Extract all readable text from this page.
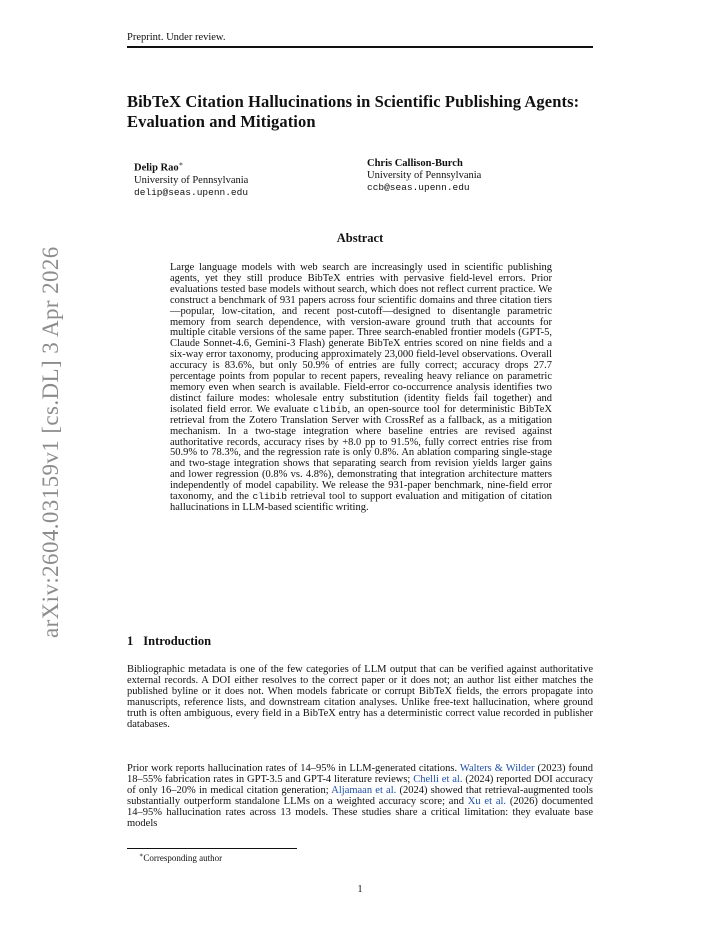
Preprint. Under review.
arXiv:2604.03159v1 [cs.DL] 3 Apr 2026
BibTeX Citation Hallucinations in Scientific Publishing Agents: Evaluation and Mitigation
Delip Rao∗
University of Pennsylvania
delip@seas.upenn.edu
Chris Callison-Burch
University of Pennsylvania
ccb@seas.upenn.edu
Abstract
Large language models with web search are increasingly used in scientific publishing agents, yet they still produce BibTeX entries with pervasive field-level errors. Prior evaluations tested base models without search, which does not reflect current practice. We construct a benchmark of 931 papers across four scientific domains and three citation tiers—popular, low-citation, and recent post-cutoff—designed to disentangle parametric memory from search dependence, with version-aware ground truth that accounts for multiple citable versions of the same paper. Three search-enabled frontier models (GPT-5, Claude Sonnet-4.6, Gemini-3 Flash) generate BibTeX entries scored on nine fields and a six-way error taxonomy, producing approximately 23,000 field-level observations. Overall accuracy is 83.6%, but only 50.9% of entries are fully correct; accuracy drops 27.7 percentage points from popular to recent papers, revealing heavy reliance on parametric memory even when search is available. Field-error co-occurrence analysis identifies two distinct failure modes: wholesale entry substitution (identity fields fail together) and isolated field error. We evaluate clibib, an open-source tool for deterministic BibTeX retrieval from the Zotero Translation Server with CrossRef as a fallback, as a mitigation mechanism. In a two-stage integration where baseline entries are revised against authoritative records, accuracy rises by +8.0 pp to 91.5%, fully correct entries rise from 50.9% to 78.3%, and the regression rate is only 0.8%. An ablation comparing single-stage and two-stage integration shows that separating search from revision yields larger gains and lower regression (0.8% vs. 4.8%), demonstrating that integration architecture matters independently of model capability. We release the 931-paper benchmark, nine-field error taxonomy, and the clibib retrieval tool to support evaluation and mitigation of citation hallucinations in LLM-based scientific writing.
1 Introduction
Bibliographic metadata is one of the few categories of LLM output that can be verified against authoritative external records. A DOI either resolves to the correct paper or it does not; an author list either matches the published byline or it does not. When models fabricate or corrupt BibTeX fields, the errors propagate into manuscripts, reference lists, and downstream citation analyses. Unlike free-text hallucination, where ground truth is often ambiguous, every field in a BibTeX entry has a deterministic correct value recorded in publisher databases.
Prior work reports hallucination rates of 14–95% in LLM-generated citations. Walters & Wilder (2023) found 18–55% fabrication rates in GPT-3.5 and GPT-4 literature reviews; Chelli et al. (2024) reported DOI accuracy of only 16–20% in medical citation generation; Aljamaan et al. (2024) showed that retrieval-augmented tools substantially outperform standalone LLMs on a weighted accuracy score; and Xu et al. (2026) documented 14–95% hallucination rates across 13 models. These studies share a critical limitation: they evaluate base models
∗Corresponding author
1
